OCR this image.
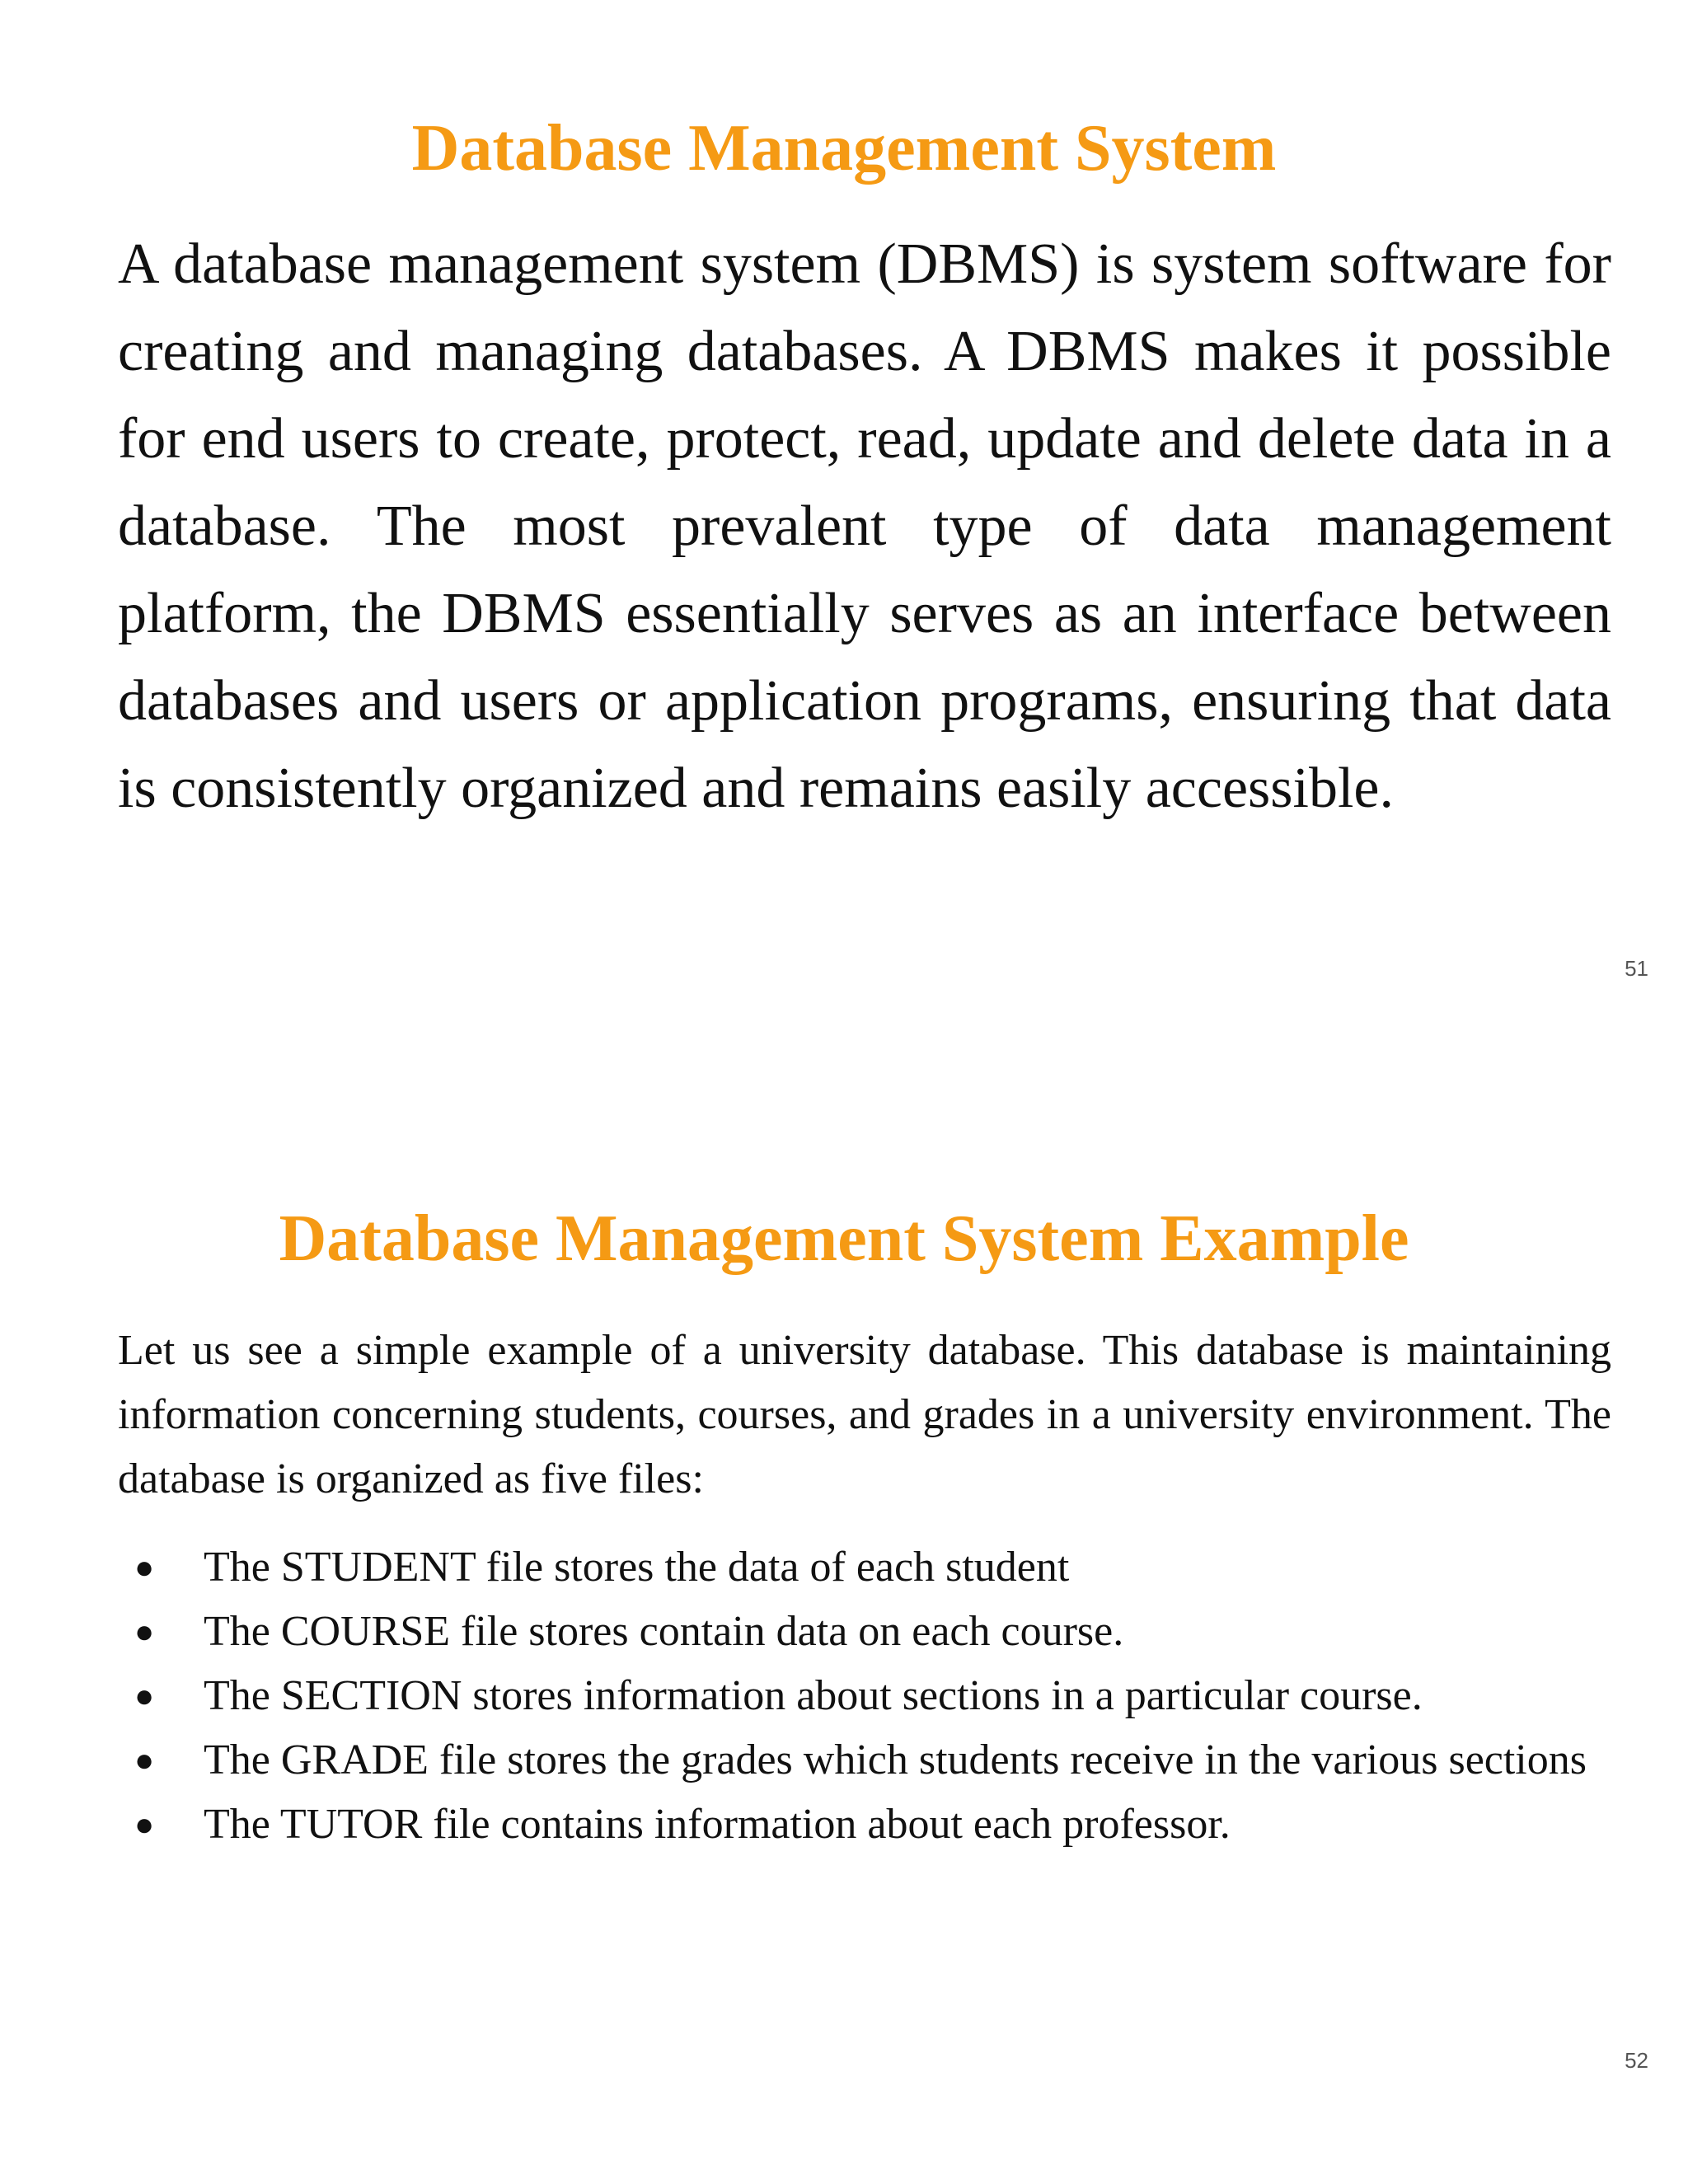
Database Management System

A database management system (DBMS) is system software for creating and managing databases. A DBMS makes it possible for end users to create, protect, read, update and delete data in a database. The most prevalent type of data management platform, the DBMS essentially serves as an interface between databases and users or application programs, ensuring that data is consistently organized and remains easily accessible.

51
Database Management System Example

Let us see a simple example of a university database. This database is maintaining information concerning students, courses, and grades in a university environment. The database is organized as five files:

● The STUDENT file stores the data of each student
● The COURSE file stores contain data on each course.
● The SECTION stores information about sections in a particular course.
● The GRADE file stores the grades which students receive in the various sections
● The TUTOR file contains information about each professor.
52
